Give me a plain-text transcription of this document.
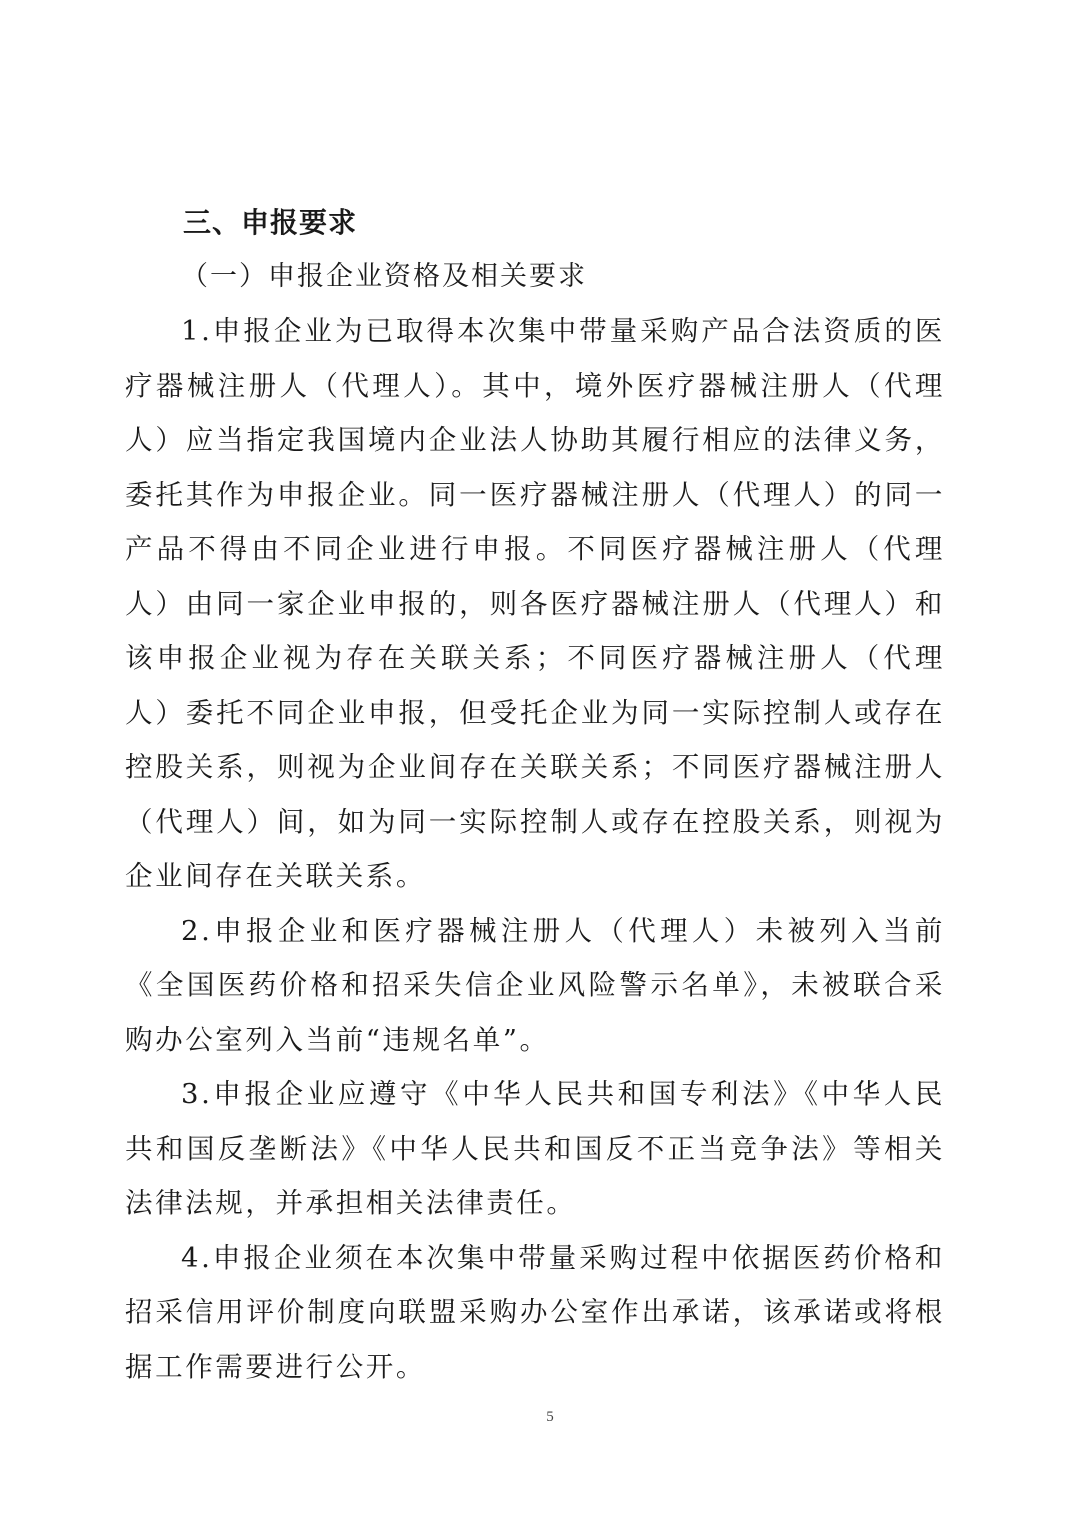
三、申报要求

（一）申报企业资格及相关要求

1.申报企业为已取得本次集中带量采购产品合法资质的医疗器械注册人（代理人）。其中，境外医疗器械注册人（代理人）应当指定我国境内企业法人协助其履行相应的法律义务，委托其作为申报企业。同一医疗器械注册人（代理人）的同一产品不得由不同企业进行申报。不同医疗器械注册人（代理人）由同一家企业申报的，则各医疗器械注册人（代理人）和该申报企业视为存在关联关系；不同医疗器械注册人（代理人）委托不同企业申报，但受托企业为同一实际控制人或存在控股关系，则视为企业间存在关联关系；不同医疗器械注册人（代理人）间，如为同一实际控制人或存在控股关系，则视为企业间存在关联关系。

2.申报企业和医疗器械注册人（代理人）未被列入当前《全国医药价格和招采失信企业风险警示名单》，未被联合采购办公室列入当前“违规名单”。

3.申报企业应遵守《中华人民共和国专利法》《中华人民共和国反垄断法》《中华人民共和国反不正当竞争法》等相关法律法规，并承担相关法律责任。

4.申报企业须在本次集中带量采购过程中依据医药价格和招采信用评价制度向联盟采购办公室作出承诺，该承诺或将根据工作需要进行公开。

5
